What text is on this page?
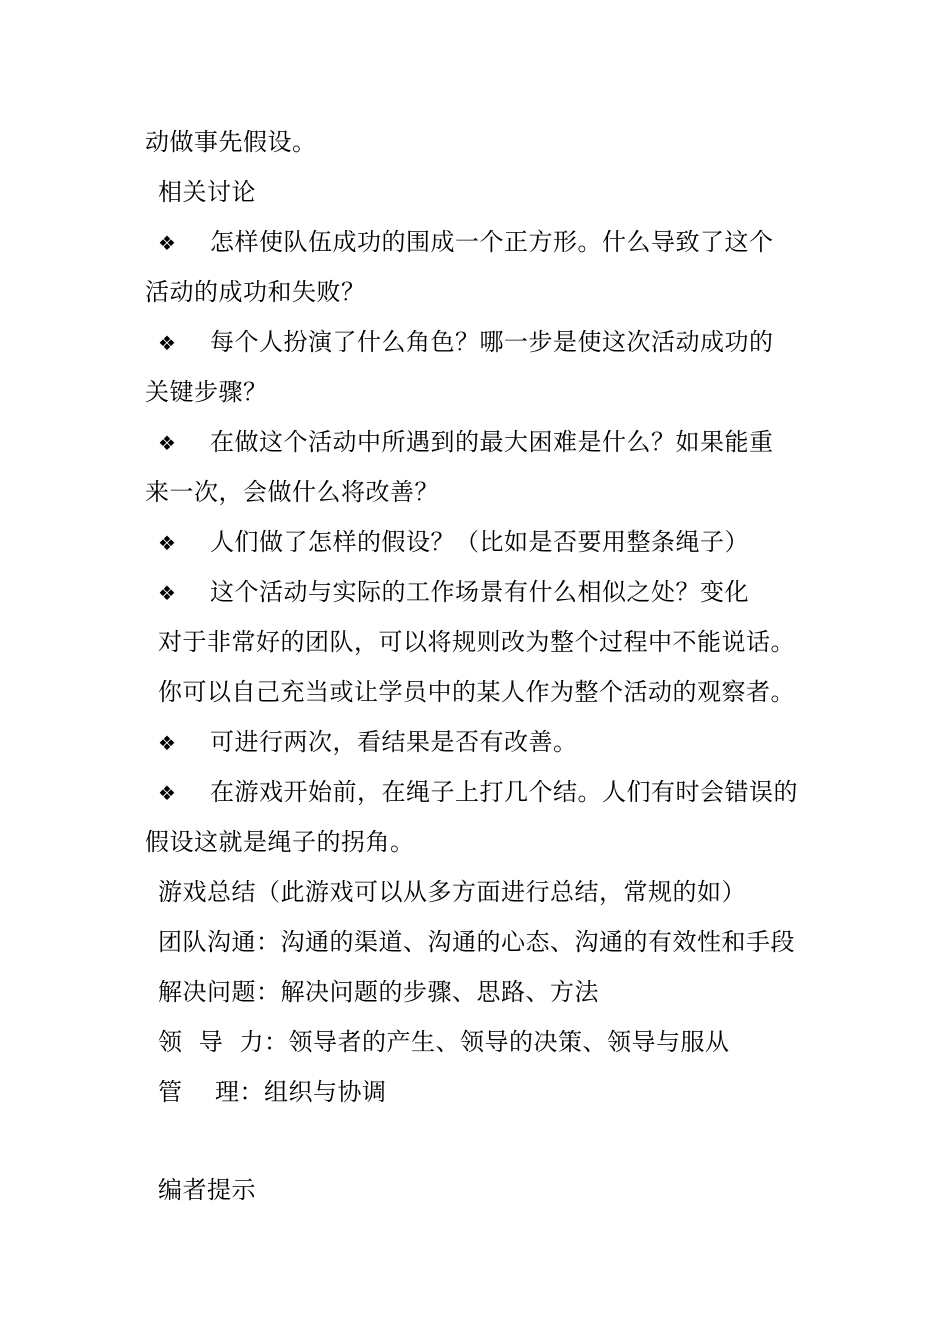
动做事先假设。
相关讨论
❖ 怎样使队伍成功的围成一个正方形。什么导致了这个
活动的成功和失败？
❖ 每个人扮演了什么角色？哪一步是使这次活动成功的
关键步骤？
❖ 在做这个活动中所遇到的最大困难是什么？如果能重
来一次，会做什么将改善？
❖ 人们做了怎样的假设？（比如是否要用整条绳子）
❖ 这个活动与实际的工作场景有什么相似之处？变化
对于非常好的团队，可以将规则改为整个过程中不能说话。
你可以自己充当或让学员中的某人作为整个活动的观察者。
❖ 可进行两次，看结果是否有改善。
❖ 在游戏开始前，在绳子上打几个结。人们有时会错误的
假设这就是绳子的拐角。
游戏总结（此游戏可以从多方面进行总结，常规的如）
团队沟通：沟通的渠道、沟通的心态、沟通的有效性和手段
解决问题：解决问题的步骤、思路、方法
领  导  力：领导者的产生、领导的决策、领导与服从
管    理：组织与协调
编者提示
